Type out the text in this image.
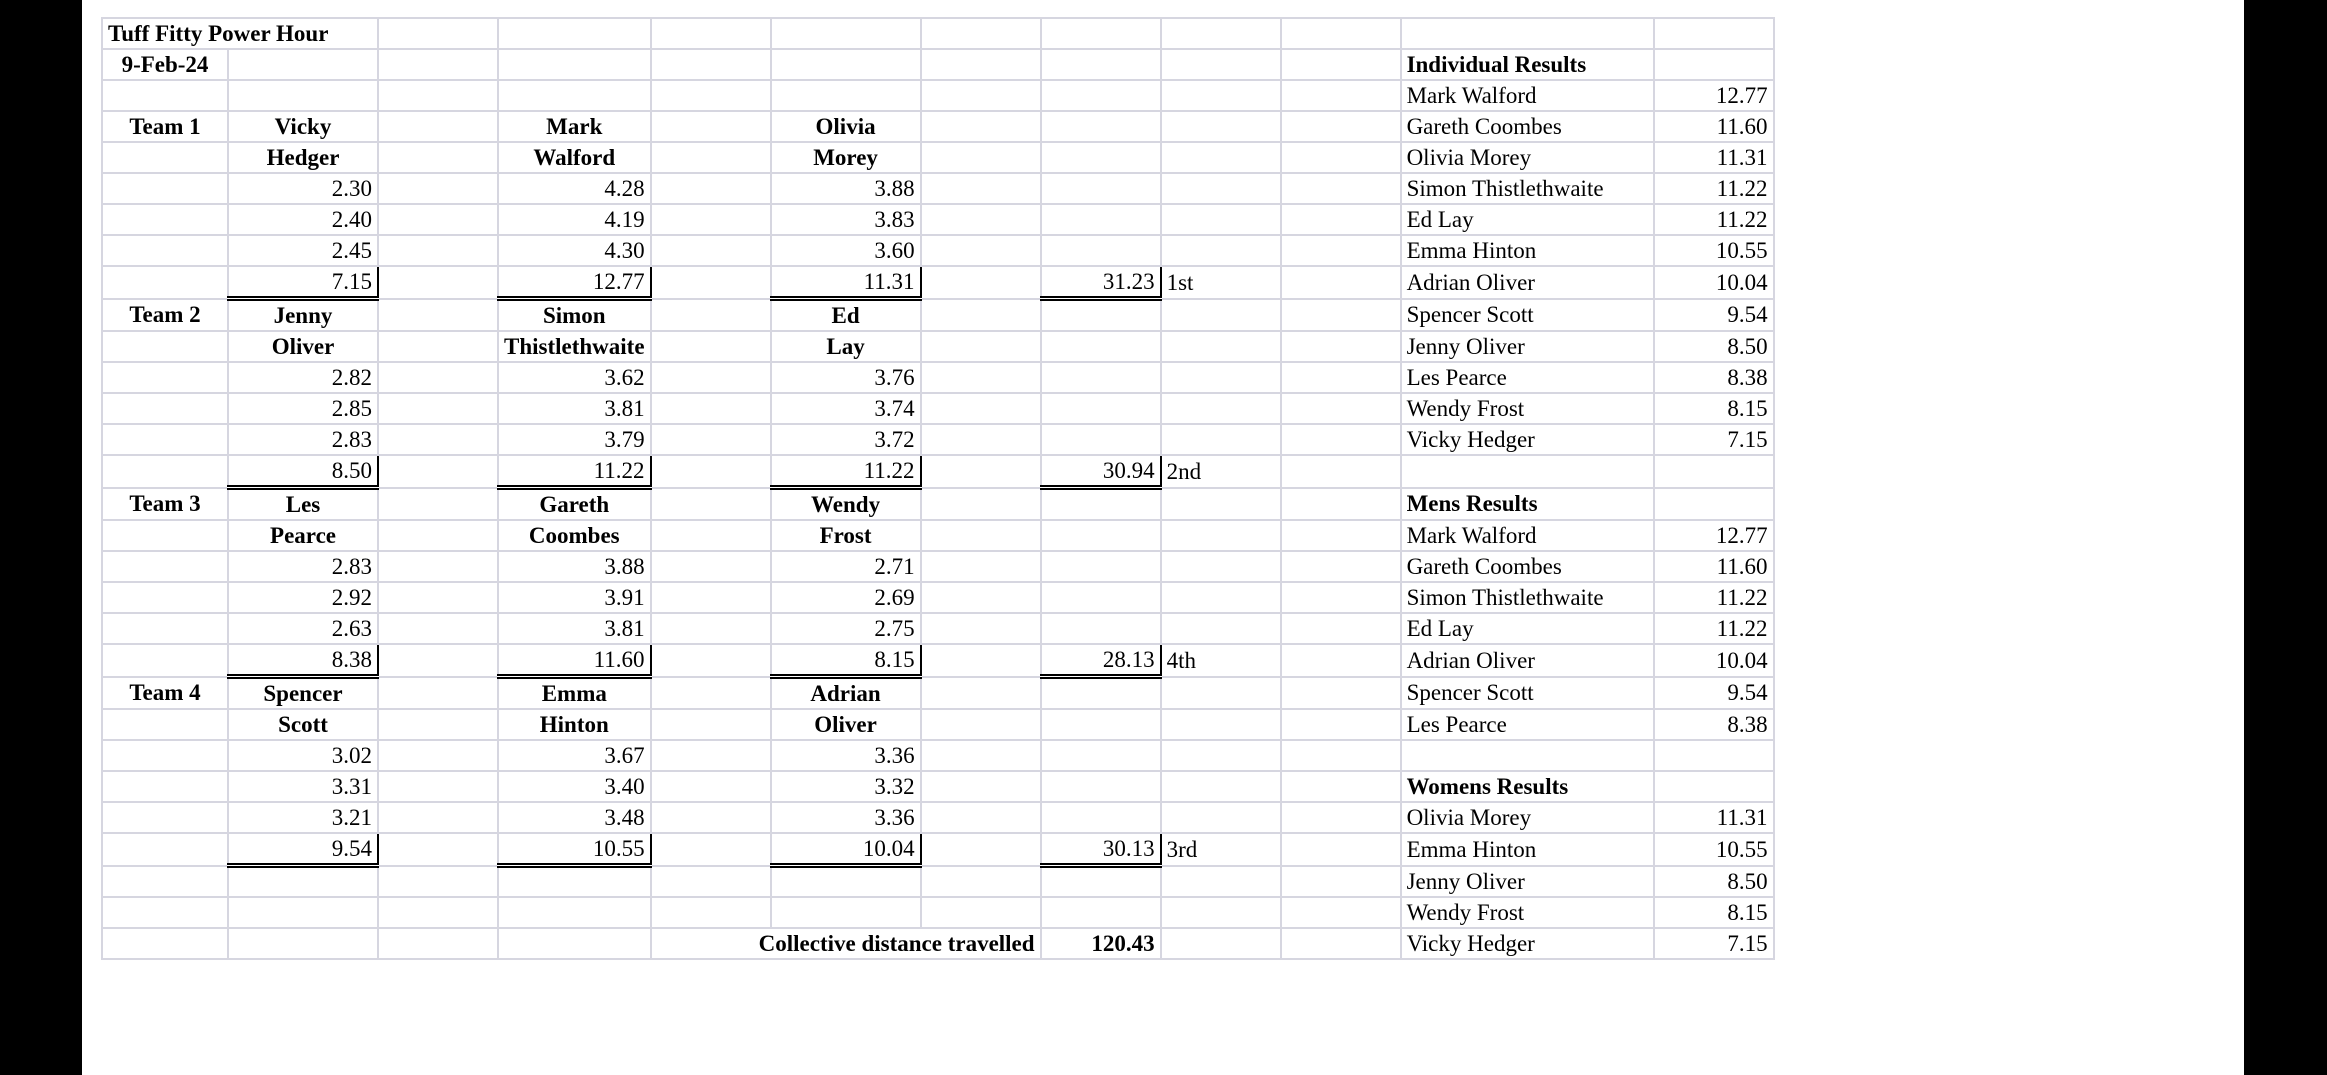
Tuff Fitty Power Hour											
9-Feb-24										Individual Results	
										Mark Walford	12.77
Team 1	Vicky		Mark		Olivia					Gareth Coombes	11.60
	Hedger		Walford		Morey					Olivia Morey	11.31
	2.30		4.28		3.88					Simon Thistlethwaite	11.22
	2.40		4.19		3.83					Ed Lay	11.22
	2.45		4.30		3.60					Emma Hinton	10.55
	7.15		12.77		11.31		31.23	1st		Adrian Oliver	10.04
Team 2	Jenny		Simon		Ed					Spencer Scott	9.54
	Oliver		Thistlethwaite		Lay					Jenny Oliver	8.50
	2.82		3.62		3.76					Les Pearce	8.38
	2.85		3.81		3.74					Wendy Frost	8.15
	2.83		3.79		3.72					Vicky Hedger	7.15
	8.50		11.22		11.22		30.94	2nd			
Team 3	Les		Gareth		Wendy					Mens Results	
	Pearce		Coombes		Frost					Mark Walford	12.77
	2.83		3.88		2.71					Gareth Coombes	11.60
	2.92		3.91		2.69					Simon Thistlethwaite	11.22
	2.63		3.81		2.75					Ed Lay	11.22
	8.38		11.60		8.15		28.13	4th		Adrian Oliver	10.04
Team 4	Spencer		Emma		Adrian					Spencer Scott	9.54
	Scott		Hinton		Oliver					Les Pearce	8.38
	3.02		3.67		3.36						
	3.31		3.40		3.32					Womens Results	
	3.21		3.48		3.36					Olivia Morey	11.31
	9.54		10.55		10.04		30.13	3rd		Emma Hinton	10.55
										Jenny Oliver	8.50
										Wendy Frost	8.15
				Collective distance travelled			120.43			Vicky Hedger	7.15
